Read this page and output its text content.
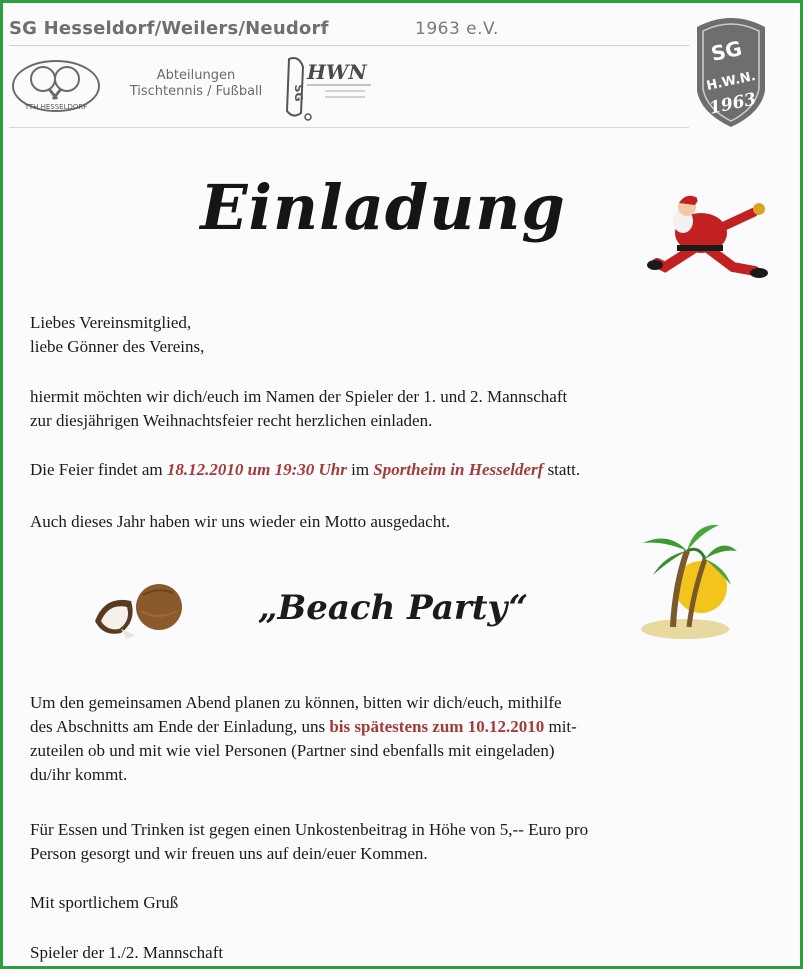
SG Hesseldorf/Weilers/Neudorf	1963 e.V.
TTH HESSELDORF
Abteilungen
Tischtennis / Fußball	SG
HWN
SG
H.W.N.
1963
Einladung
Liebes Vereinsmitglied,
liebe Gönner des Vereins,
hiermit möchten wir dich/euch im Namen der Spieler der 1. und 2. Mannschaft
zur diesjährigen Weihnachtsfeier recht herzlichen einladen.
Die Feier findet am 18.12.2010 um 19:30 Uhr im Sportheim in Hesselderf statt.
Auch dieses Jahr haben wir uns wieder ein Motto ausgedacht.
„Beach Party“
Um den gemeinsamen Abend planen zu können, bitten wir dich/euch, mithilfe
des Abschnitts am Ende der Einladung, uns bis spätestens zum 10.12.2010 mit-
zuteilen ob und mit wie viel Personen (Partner sind ebenfalls mit eingeladen)
du/ihr kommt.
Für Essen und Trinken ist gegen einen Unkostenbeitrag in Höhe von 5,-- Euro pro
Person gesorgt und wir freuen uns auf dein/euer Kommen.
Mit sportlichem Gruß
Spieler der 1./2. Mannschaft
